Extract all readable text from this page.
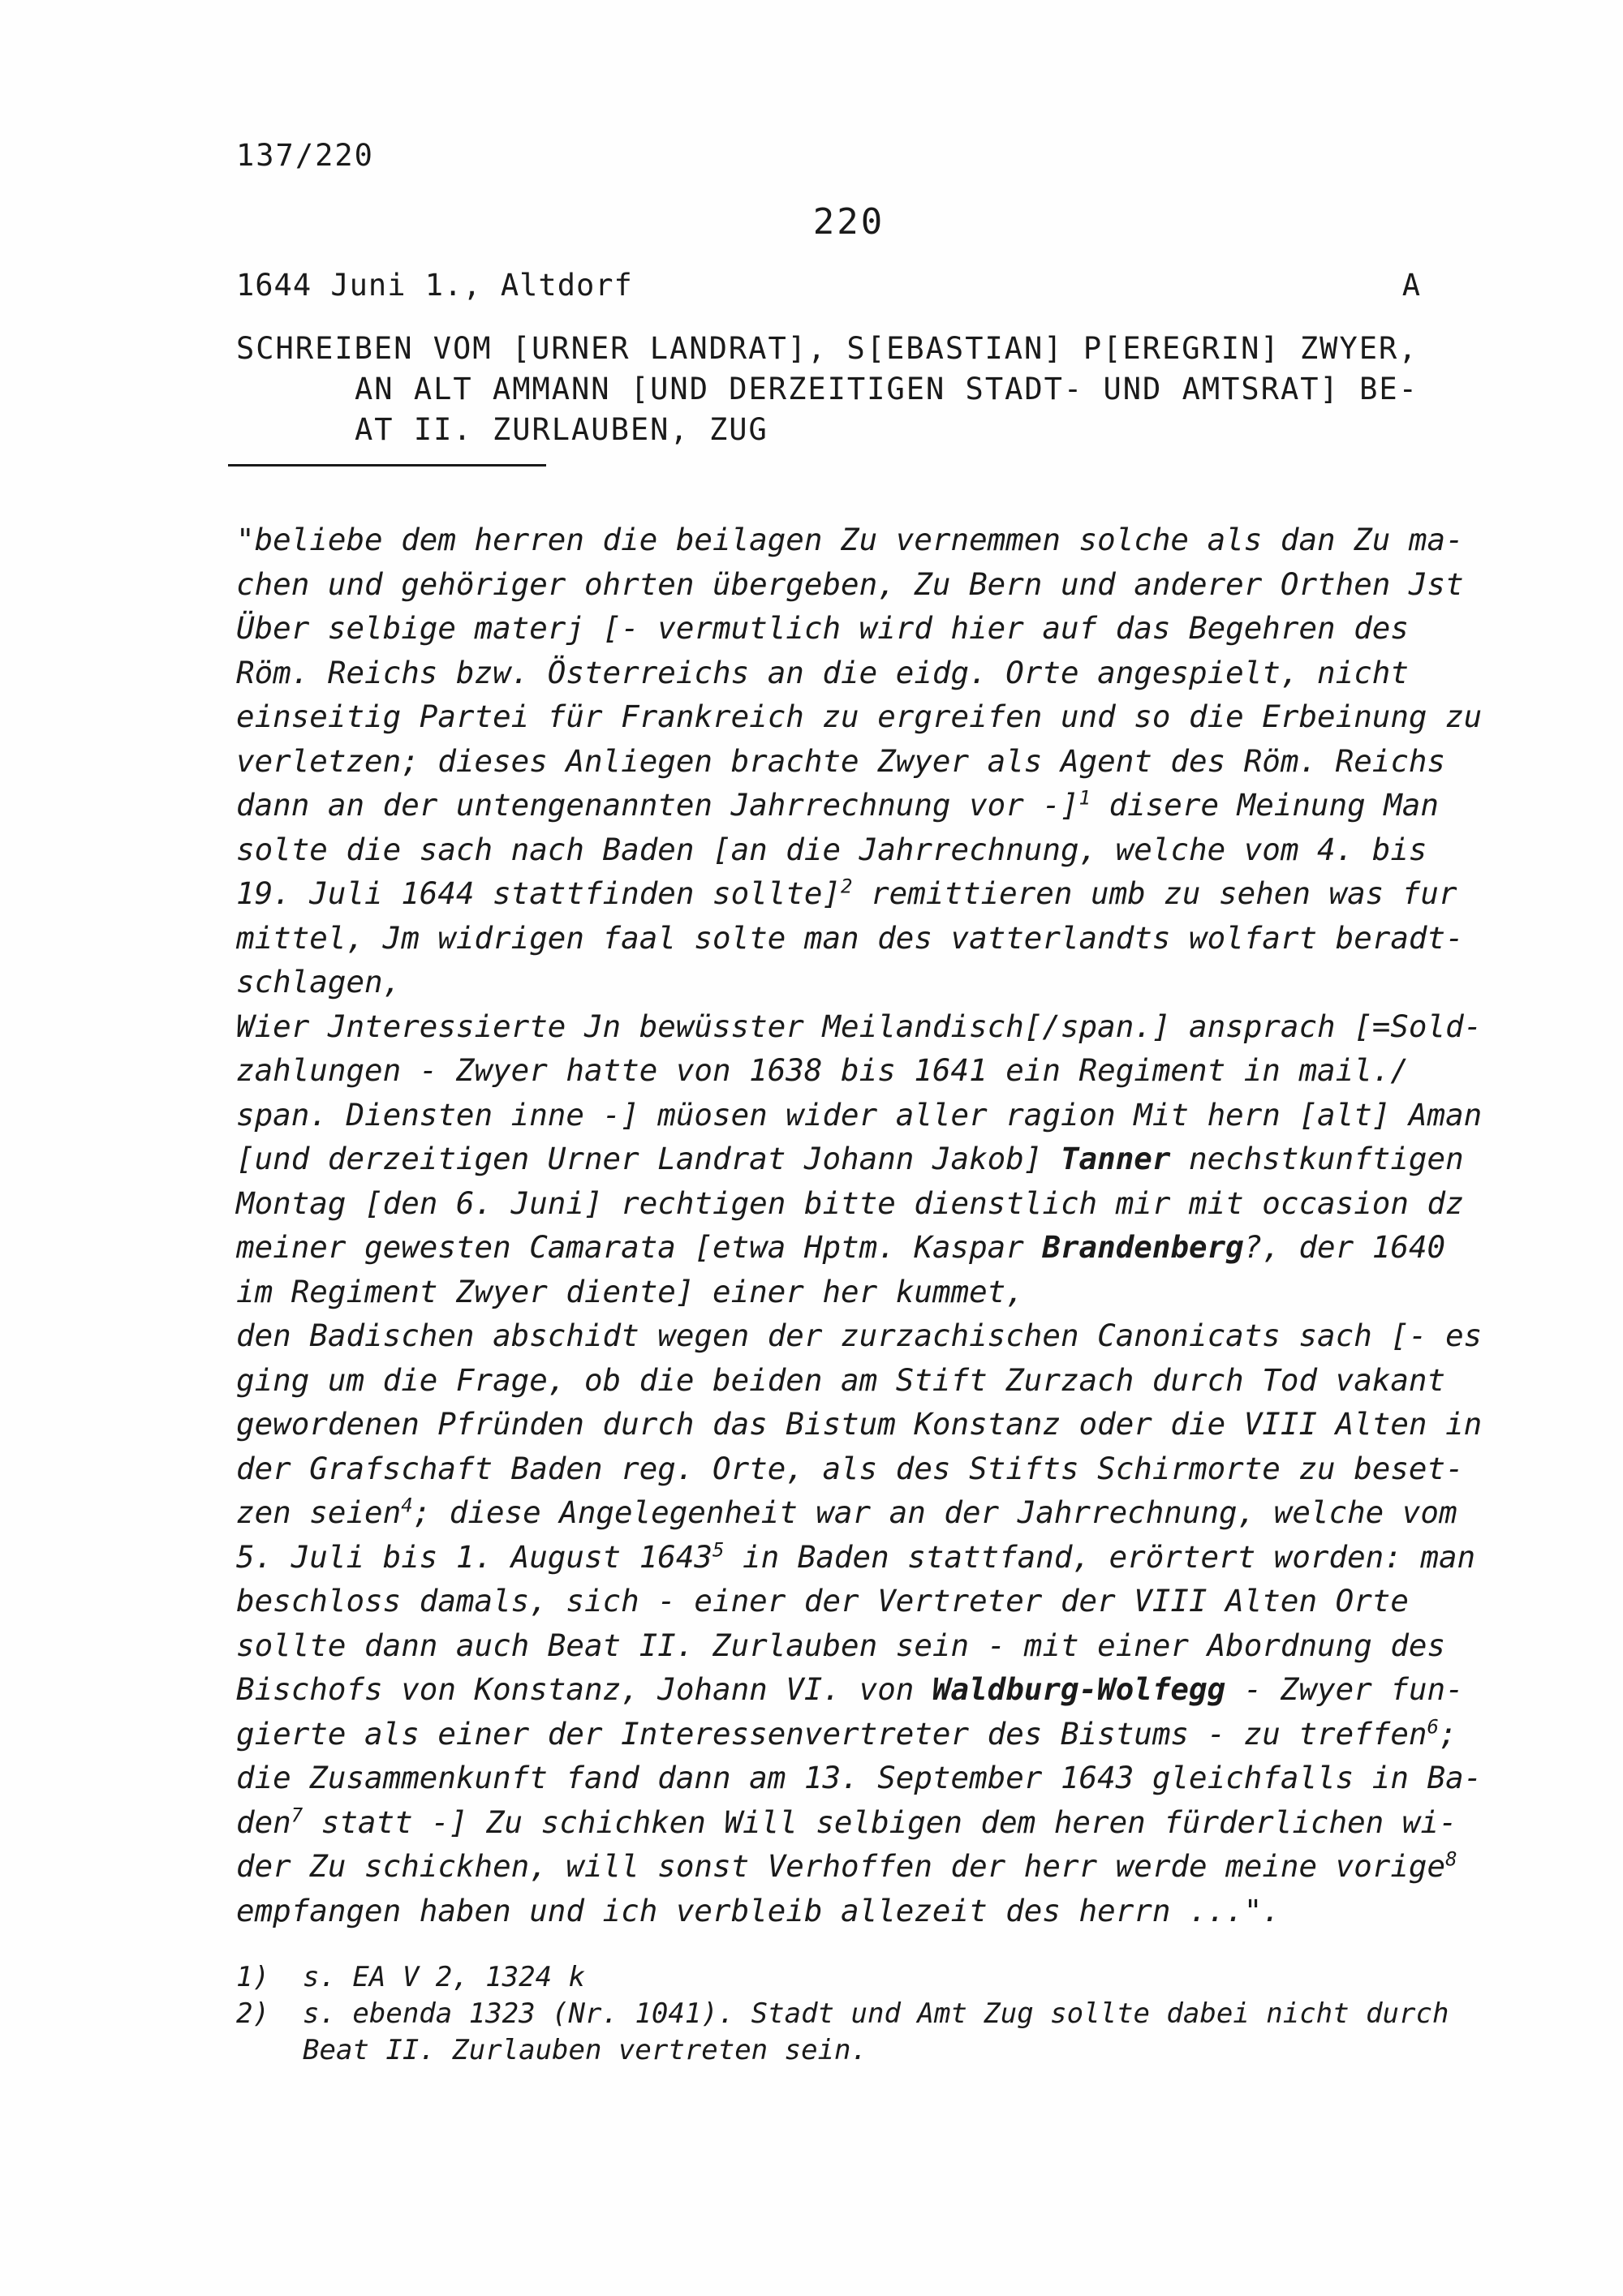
137/220
220
1644 Juni 1., Altdorf	A
SCHREIBEN VOM [URNER LANDRAT], S[EBASTIAN] P[EREGRIN] ZWYER,
AN ALT AMMANN [UND DERZEITIGEN STADT- UND AMTSRAT] BE-
AT II. ZURLAUBEN, ZUG
"beliebe dem herren die beilagen Zu vernemmen solche als dan Zu ma-
chen und gehöriger ohrten übergeben, Zu Bern und anderer Orthen Jst
Über selbige materj [- vermutlich wird hier auf das Begehren des
Röm. Reichs bzw. Österreichs an die eidg. Orte angespielt, nicht
einseitig Partei für Frankreich zu ergreifen und so die Erbeinung zu
verletzen; dieses Anliegen brachte Zwyer als Agent des Röm. Reichs
dann an der untengenannten Jahrrechnung vor -]$^1$ disere Meinung Man
solte die sach nach Baden [an die Jahrrechnung, welche vom 4. bis
19. Juli 1644 stattfinden sollte]$^2$ remittieren umb zu sehen was fur
mittel, Jm widrigen faal solte man des vatterlandts wolfart beradt-
schlagen,
Wier Jnteressierte Jn bewüsster Meilandisch[/span.] ansprach [=Sold-
zahlungen - Zwyer hatte von 1638 bis 1641 ein Regiment in mail./
span. Diensten inne -] müosen wider aller ragion Mit hern [alt] Aman
[und derzeitigen Urner Landrat Johann Jakob] Tanner nechstkunftigen
Montag [den 6. Juni] rechtigen bitte dienstlich mir mit occasion dz
meiner gewesten Camarata [etwa Hptm. Kaspar Brandenberg?, der 1640
im Regiment Zwyer diente] einer her kummet,
den Badischen abschidt wegen der zurzachischen Canonicats sach [- es
ging um die Frage, ob die beiden am Stift Zurzach durch Tod vakant
gewordenen Pfründen durch das Bistum Konstanz oder die VIII Alten in
der Grafschaft Baden reg. Orte, als des Stifts Schirmorte zu beset-
zen seien$^4$; diese Angelegenheit war an der Jahrrechnung, welche vom
5. Juli bis 1. August 1643$^5$ in Baden stattfand, erörtert worden: man
beschloss damals, sich - einer der Vertreter der VIII Alten Orte
sollte dann auch Beat II. Zurlauben sein - mit einer Abordnung des
Bischofs von Konstanz, Johann VI. von Waldburg-Wolfegg - Zwyer fun-
gierte als einer der Interessenvertreter des Bistums - zu treffen$^6$;
die Zusammenkunft fand dann am 13. September 1643 gleichfalls in Ba-
den$^7$ statt -] Zu schichken Will selbigen dem heren fürderlichen wi-
der Zu schickhen, will sonst Verhoffen der herr werde meine vorige$^8$
empfangen haben und ich verbleib allezeit des herrn ...".
1)	s. EA V 2, 1324 k
2)	s. ebenda 1323 (Nr. 1041). Stadt und Amt Zug sollte dabei nicht durch
Beat II. Zurlauben vertreten sein.
